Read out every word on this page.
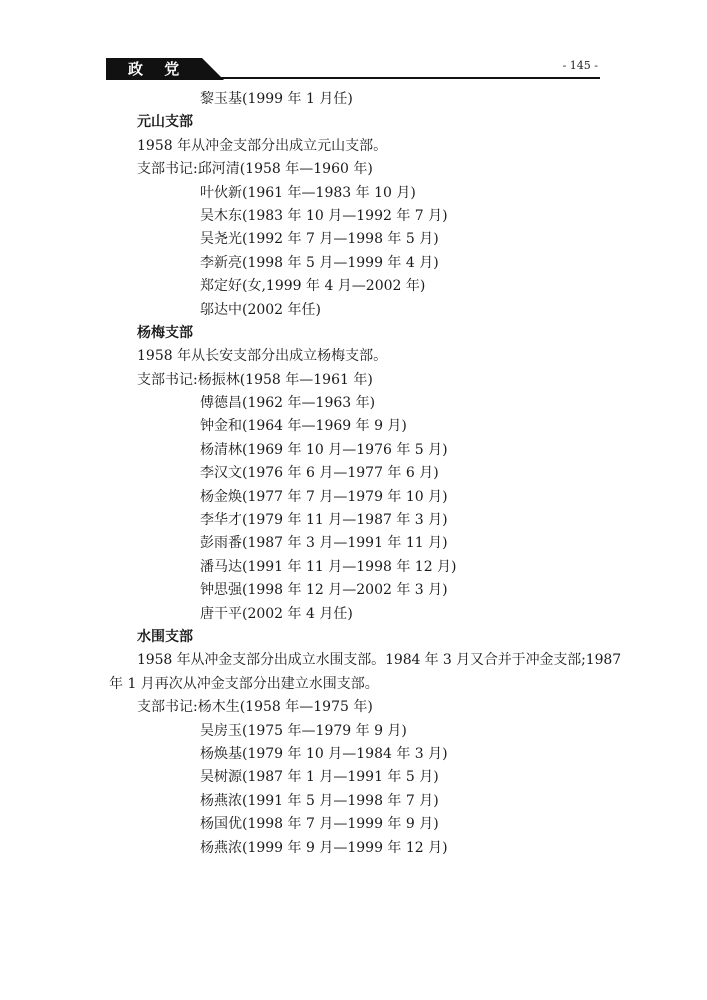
政 党	- 145 -
黎玉基(1999 年 1 月任)
元山支部
1958 年从冲金支部分出成立元山支部。
支部书记:邱河清(1958 年—1960 年)
叶伙新(1961 年—1983 年 10 月)
吴木东(1983 年 10 月—1992 年 7 月)
吴尧光(1992 年 7 月—1998 年 5 月)
李新亮(1998 年 5 月—1999 年 4 月)
郑定好(女,1999 年 4 月—2002 年)
邬达中(2002 年任)
杨梅支部
1958 年从长安支部分出成立杨梅支部。
支部书记:杨振林(1958 年—1961 年)
傅德昌(1962 年—1963 年)
钟金和(1964 年—1969 年 9 月)
杨清林(1969 年 10 月—1976 年 5 月)
李汉文(1976 年 6 月—1977 年 6 月)
杨金焕(1977 年 7 月—1979 年 10 月)
李华才(1979 年 11 月—1987 年 3 月)
彭雨番(1987 年 3 月—1991 年 11 月)
潘马达(1991 年 11 月—1998 年 12 月)
钟思强(1998 年 12 月—2002 年 3 月)
唐干平(2002 年 4 月任)
水围支部
1958 年从冲金支部分出成立水围支部。1984 年 3 月又合并于冲金支部;1987
年 1 月再次从冲金支部分出建立水围支部。
支部书记:杨木生(1958 年—1975 年)
吴房玉(1975 年—1979 年 9 月)
杨焕基(1979 年 10 月—1984 年 3 月)
吴树源(1987 年 1 月—1991 年 5 月)
杨燕浓(1991 年 5 月—1998 年 7 月)
杨国优(1998 年 7 月—1999 年 9 月)
杨燕浓(1999 年 9 月—1999 年 12 月)
